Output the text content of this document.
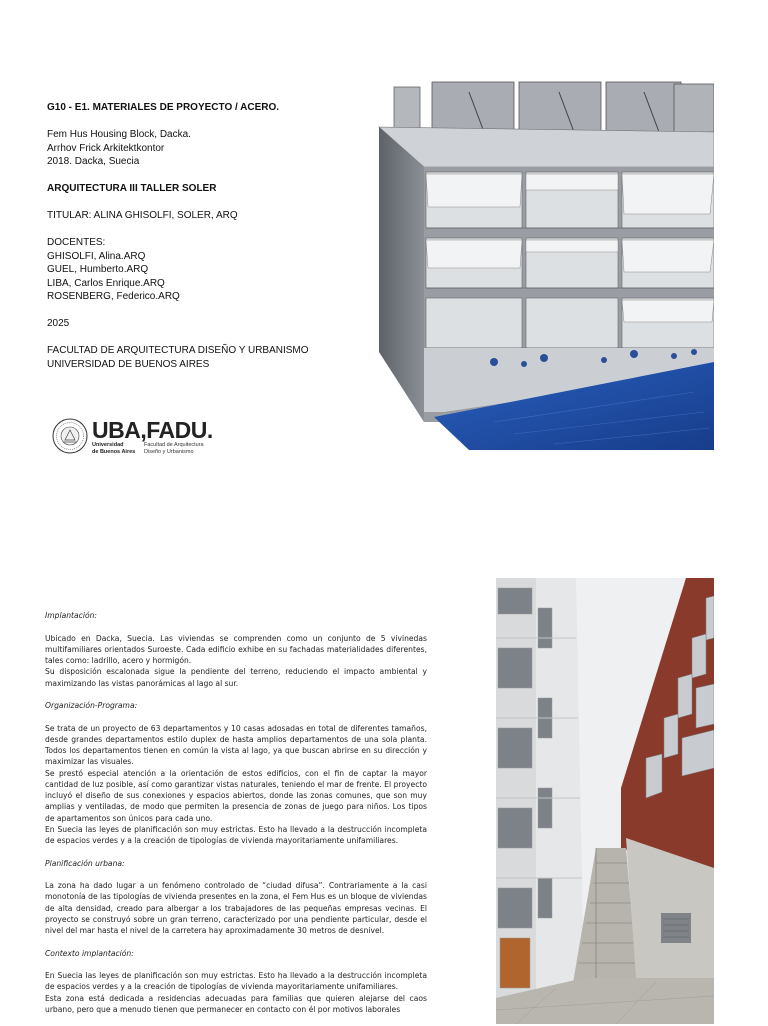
G10 - E1. MATERIALES DE PROYECTO / ACERO.
Fem Hus Housing Block, Dacka.
Arrhov Frick Arkitektkontor
2018. Dacka, Suecia
ARQUITECTURA III TALLER SOLER
TITULAR: ALINA GHISOLFI, SOLER, ARQ
DOCENTES:
GHISOLFI, Alina.ARQ
GUEL, Humberto.ARQ
LIBA, Carlos Enrique.ARQ
ROSENBERG, Federico.ARQ
2025
FACULTAD DE ARQUITECTURA DISEÑO Y URBANISMO
UNIVERSIDAD DE BUENOS AIRES
UBA,FADU.
Universidad
de Buenos Aires
Facultad de Arquitectura
Diseño y Urbanismo

Implantación:

Ubicado en Dacka, Suecia. Las viviendas se comprenden como un conjunto de 5 vivinedas multifamiliares orientados Suroeste. Cada edificio exhibe en su fachadas materialidades diferentes, tales como: ladrillo, acero y hormigón.

Su disposición escalonada sigue la pendiente del terreno, reduciendo el impacto ambiental y maximizando las vistas panorámicas al lago al sur.

Organización-Programa:

Se trata de un proyecto de 63 departamentos y 10 casas adosadas en total de diferentes tamaños, desde grandes departamentos estilo duplex de hasta amplios departamentos de una sola planta. Todos los departamentos tienen en común la vista al lago, ya que buscan abrirse en su dirección y maximizar las visuales.

Se prestó especial atención a la orientación de estos edificios, con el fin de captar la mayor cantidad de luz posible, así como garantizar vistas naturales, teniendo el mar de frente. El proyecto incluyó el diseño de sus conexiones y espacios abiertos, donde las zonas comunes, que son muy amplias y ventiladas, de modo que permiten la presencia de zonas de juego para niños. Los tipos de apartamentos son únicos para cada uno.

En Suecia las leyes de planificación son muy estrictas. Esto ha llevado a la destrucción incompleta de espacios verdes y a la creación de tipologías de vivienda mayoritariamente unifamiliares.

Planificación urbana:

La zona ha dado lugar a un fenómeno controlado de “ciudad difusa”. Contrariamente a la casi monotonía de las tipologías de vivienda presentes en la zona, el Fem Hus es un bloque de viviendas de alta densidad, creado para albergar a los trabajadores de las pequeñas empresas vecinas. El proyecto se construyó sobre un gran terreno, caracterizado por una pendiente particular, desde el nivel del mar hasta el nivel de la carretera hay aproximadamente 30 metros de desnivel.

Contexto implantación:

En Suecia las leyes de planificación son muy estrictas. Esto ha llevado a la destrucción incompleta de espacios verdes y a la creación de tipologías de vivienda mayoritariamente unifamiliares.

Esta zona está dedicada a residencias adecuadas para familias que quieren alejarse del caos urbano, pero que a menudo tienen que permanecer en contacto con él por motivos laborales
